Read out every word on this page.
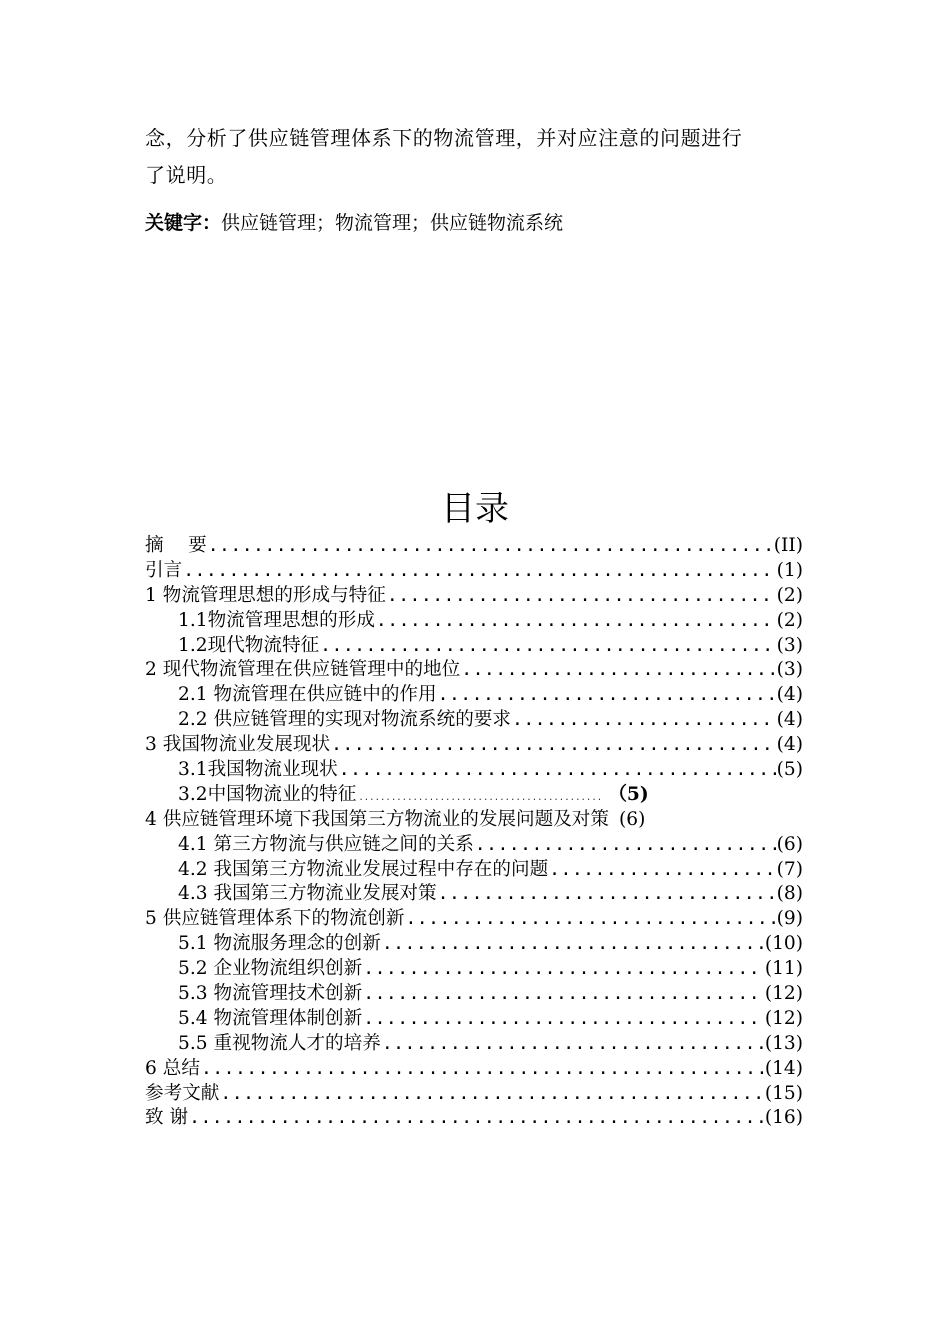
念，分析了供应链管理体系下的物流管理，并对应注意的问题进行
了说明。
关键字：供应链管理；物流管理；供应链物流系统
目录
摘　 要 .....	(II)
引言 .....	(1)
1 物流管理思想的形成与特征 .....	(2)
1.1物流管理思想的形成 .....	(2)
1.2现代物流特征 .....	(3)
2 现代物流管理在供应链管理中的地位 .....	(3)
2.1 物流管理在供应链中的作用 .....	(4)
2.2 供应链管理的实现对物流系统的要求 .....	(4)
3 我国物流业发展现状 .....	(4)
3.1我国物流业现状 .....	(5)
3.2中国物流业的特征 .....	（5)
4 供应链管理环境下我国第三方物流业的发展问题及对策 (6)
4.1 第三方物流与供应链之间的关系 .....	(6)
4.2 我国第三方物流业发展过程中存在的问题 .....	(7)
4.3 我国第三方物流业发展对策 .....	(8)
5 供应链管理体系下的物流创新 .....	(9)
5.1 物流服务理念的创新 .....	(10)
5.2 企业物流组织创新 .....	(11)
5.3 物流管理技术创新 .....	(12)
5.4 物流管理体制创新 .....	(12)
5.5 重视物流人才的培养 .....	(13)
6 总结 .....	(14)
参考文献 .....	(15)
致 谢 .....	(16)
